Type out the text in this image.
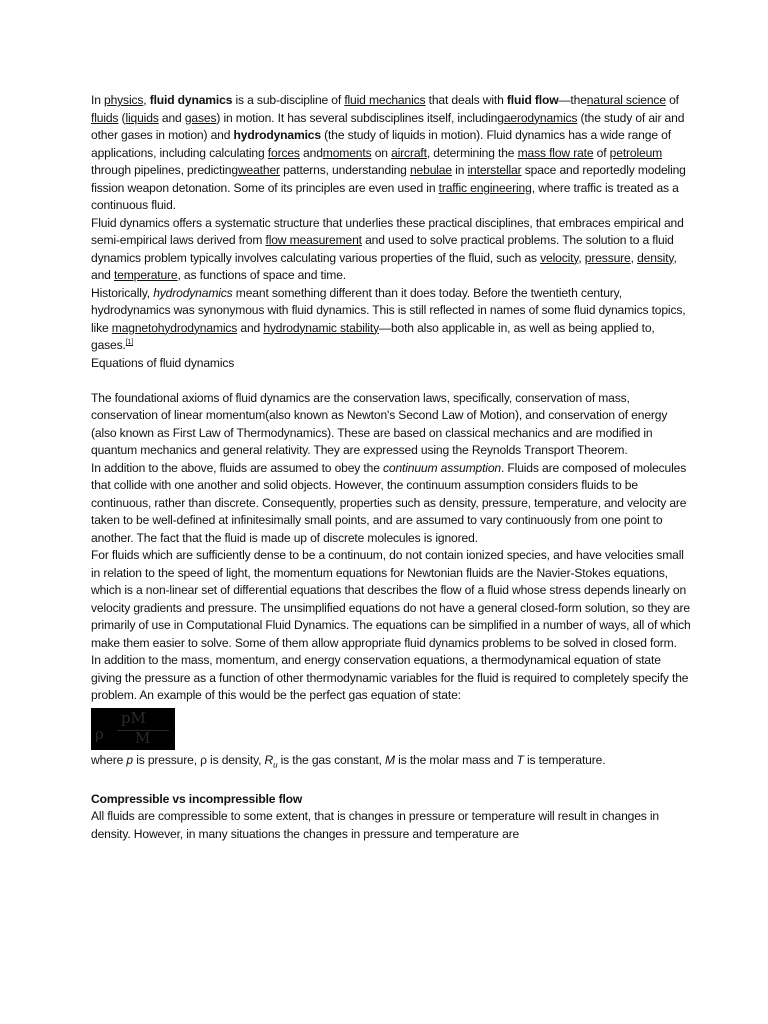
In physics, fluid dynamics is a sub-discipline of fluid mechanics that deals with fluid flow—thenatural science of fluids (liquids and gases) in motion. It has several subdisciplines itself, includingaerodynamics (the study of air and other gases in motion) and hydrodynamics (the study of liquids in motion). Fluid dynamics has a wide range of applications, including calculating forces andmoments on aircraft, determining the mass flow rate of petroleum through pipelines, predictingweather patterns, understanding nebulae in interstellar space and reportedly modeling fission weapon detonation. Some of its principles are even used in traffic engineering, where traffic is treated as a continuous fluid.

Fluid dynamics offers a systematic structure that underlies these practical disciplines, that embraces empirical and semi-empirical laws derived from flow measurement and used to solve practical problems. The solution to a fluid dynamics problem typically involves calculating various properties of the fluid, such as velocity, pressure, density, and temperature, as functions of space and time.

Historically, hydrodynamics meant something different than it does today. Before the twentieth century, hydrodynamics was synonymous with fluid dynamics. This is still reflected in names of some fluid dynamics topics, like magnetohydrodynamics and hydrodynamic stability—both also applicable in, as well as being applied to, gases.[1]

Equations of fluid dynamics

The foundational axioms of fluid dynamics are the conservation laws, specifically, conservation of mass, conservation of linear momentum(also known as Newton's Second Law of Motion), and conservation of energy (also known as First Law of Thermodynamics). These are based on classical mechanics and are modified in quantum mechanics and general relativity. They are expressed using the Reynolds Transport Theorem.

In addition to the above, fluids are assumed to obey the continuum assumption. Fluids are composed of molecules that collide with one another and solid objects. However, the continuum assumption considers fluids to be continuous, rather than discrete. Consequently, properties such as density, pressure, temperature, and velocity are taken to be well-defined at infinitesimally small points, and are assumed to vary continuously from one point to another. The fact that the fluid is made up of discrete molecules is ignored.

For fluids which are sufficiently dense to be a continuum, do not contain ionized species, and have velocities small in relation to the speed of light, the momentum equations for Newtonian fluids are the Navier-Stokes equations, which is a non-linear set of differential equations that describes the flow of a fluid whose stress depends linearly on velocity gradients and pressure. The unsimplified equations do not have a general closed-form solution, so they are primarily of use in Computational Fluid Dynamics. The equations can be simplified in a number of ways, all of which make them easier to solve. Some of them allow appropriate fluid dynamics problems to be solved in closed form.

In addition to the mass, momentum, and energy conservation equations, a thermodynamical equation of state giving the pressure as a function of other thermodynamic variables for the fluid is required to completely specify the problem. An example of this would be the perfect gas equation of state:

ρ
pM
M

where p is pressure, ρ is density, $R_u$ is the gas constant, M is the molar mass and T is temperature.

Compressible vs incompressible flow

All fluids are compressible to some extent, that is changes in pressure or temperature will result in changes in density. However, in many situations the changes in pressure and temperature are
